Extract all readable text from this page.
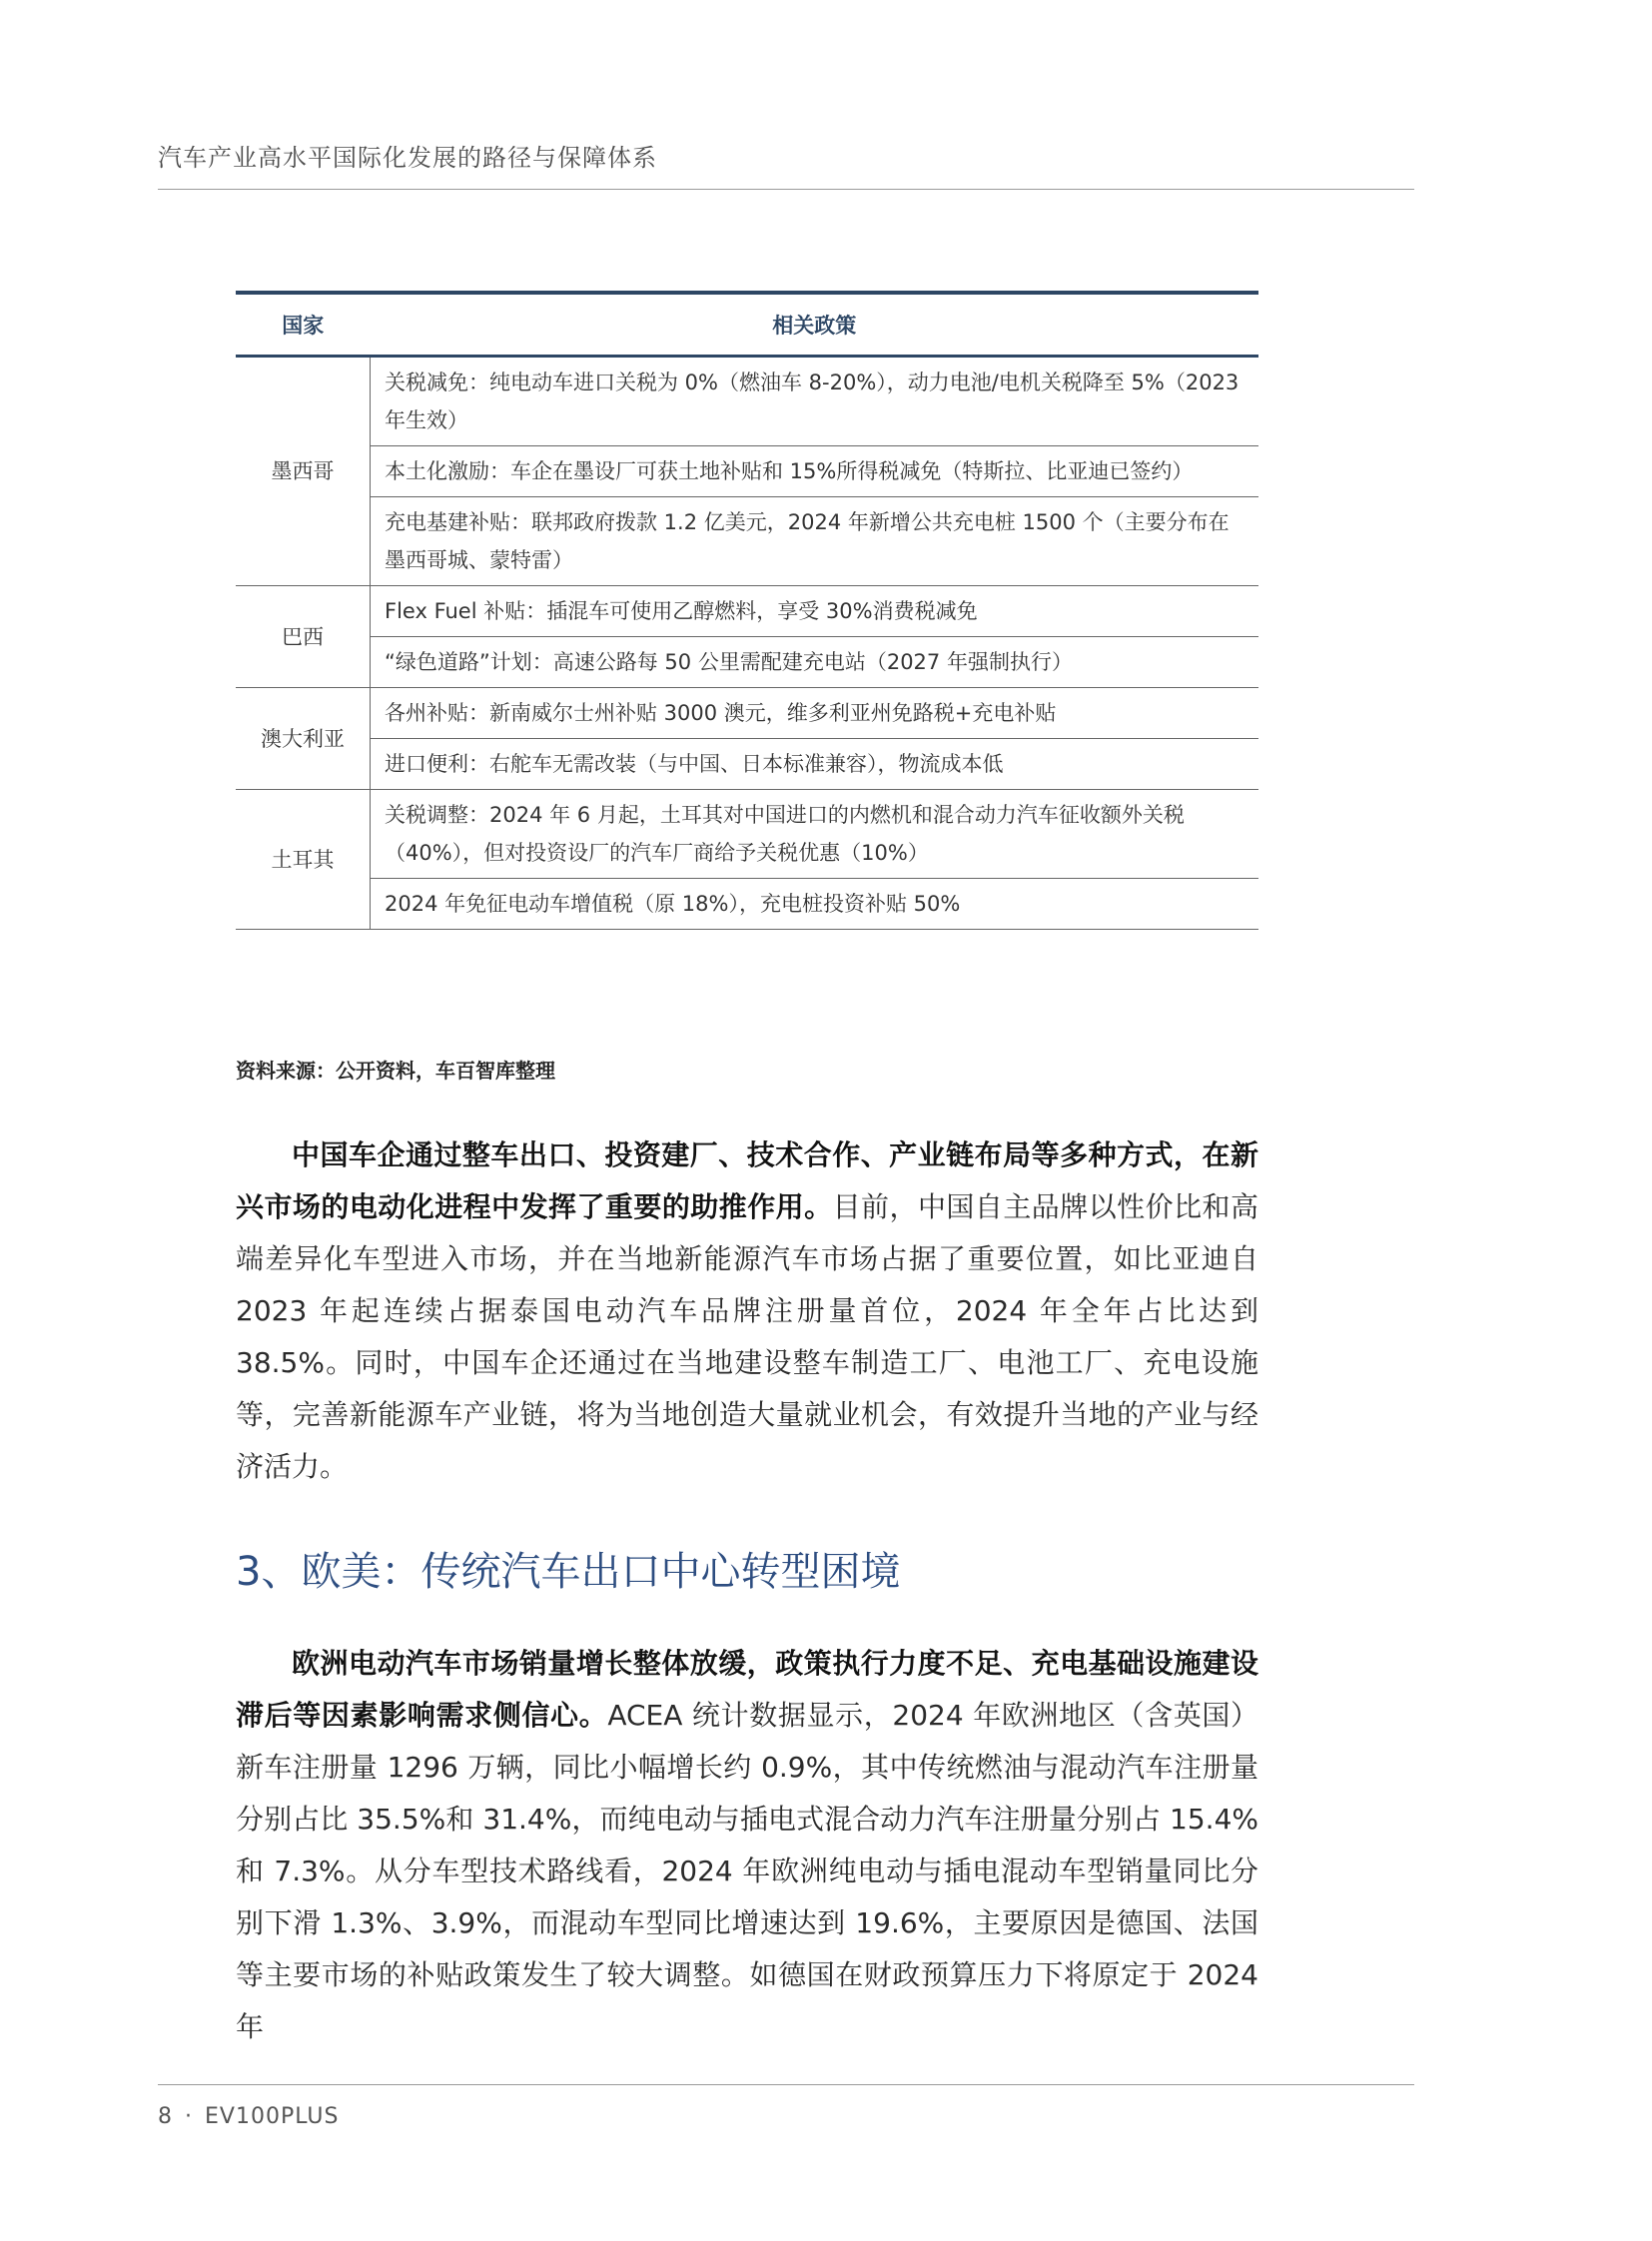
汽车产业高水平国际化发展的路径与保障体系
国家	相关政策
墨西哥	关税减免：纯电动车进口关税为 0%（燃油车 8-20%），动力电池/电机关税降至 5%（2023 年生效）
	本土化激励：车企在墨设厂可获土地补贴和 15%所得税减免（特斯拉、比亚迪已签约）
	充电基建补贴：联邦政府拨款 1.2 亿美元，2024 年新增公共充电桩 1500 个（主要分布在墨西哥城、蒙特雷）
巴西	Flex Fuel 补贴：插混车可使用乙醇燃料，享受 30%消费税减免
	“绿色道路”计划：高速公路每 50 公里需配建充电站（2027 年强制执行）
澳大利亚	各州补贴：新南威尔士州补贴 3000 澳元，维多利亚州免路税+充电补贴
	进口便利：右舵车无需改装（与中国、日本标准兼容），物流成本低
土耳其	关税调整：2024 年 6 月起，土耳其对中国进口的内燃机和混合动力汽车征收额外关税（40%），但对投资设厂的汽车厂商给予关税优惠（10%）
	2024 年免征电动车增值税（原 18%），充电桩投资补贴 50%
资料来源：公开资料，车百智库整理

中国车企通过整车出口、投资建厂、技术合作、产业链布局等多种方式，在新兴市场的电动化进程中发挥了重要的助推作用。目前，中国自主品牌以性价比和高端差异化车型进入市场，并在当地新能源汽车市场占据了重要位置，如比亚迪自 2023 年起连续占据泰国电动汽车品牌注册量首位，2024 年全年占比达到 38.5%。同时，中国车企还通过在当地建设整车制造工厂、电池工厂、充电设施等，完善新能源车产业链，将为当地创造大量就业机会，有效提升当地的产业与经济活力。

3、欧美：传统汽车出口中心转型困境

欧洲电动汽车市场销量增长整体放缓，政策执行力度不足、充电基础设施建设滞后等因素影响需求侧信心。ACEA 统计数据显示，2024 年欧洲地区（含英国）新车注册量 1296 万辆，同比小幅增长约 0.9%，其中传统燃油与混动汽车注册量分别占比 35.5%和 31.4%，而纯电动与插电式混合动力汽车注册量分别占 15.4%和 7.3%。从分车型技术路线看，2024 年欧洲纯电动与插电混动车型销量同比分别下滑 1.3%、3.9%，而混动车型同比增速达到 19.6%，主要原因是德国、法国等主要市场的补贴政策发生了较大调整。如德国在财政预算压力下将原定于 2024 年

8 · EV100PLUS
